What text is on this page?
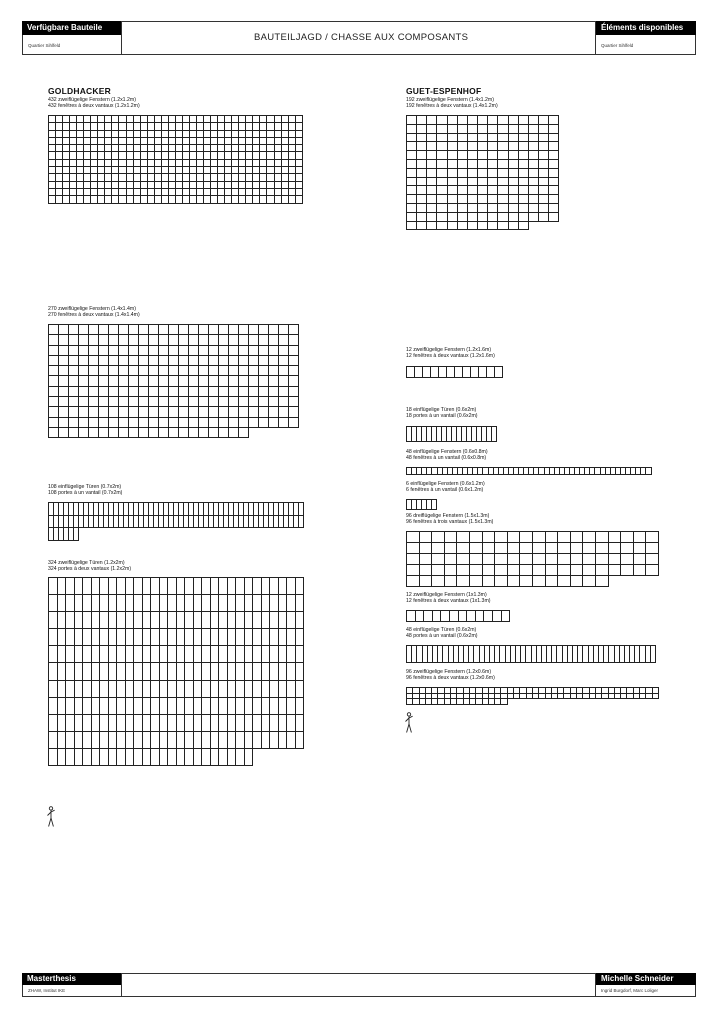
Verfügbare Bauteile
Quartier Sihlfeld
BAUTEILJAGD / CHASSE AUX COMPOSANTS
Éléments disponibles
Quartier Sihlfeld
GOLDHACKER	GUET-ESPENHOF
432 zweiflügelige Fenstern (1.2x1.2m)
432 fenêtres à deux vantaux (1.2x1.2m)
270 zweiflügelige Fenstern (1.4x1.4m)
270 fenêtres à deux vantaux (1.4x1.4m)
108 einflügelige Türen (0.7x2m)
108 portes à un vantail (0.7x2m)
324 zweiflügelige Türen (1.2x2m)
324 portes à deux vantaux (1.2x2m)
192 zweiflügelige Fenstern (1.4x1.2m)
192 fenêtres à deux vantaux (1.4x1.2m)
12 zweiflügelige Fenstern (1.2x1.6m)
12 fenêtres à deux vantaux (1.2x1.6m)
18 einflügelige Türen (0.6x2m)
18 portes à un vantail (0.6x2m)
48 einflügelige Fenstern (0.6x0.8m)
48 fenêtres à un vantail (0.6x0.8m)
6 einflügelige Fenstern (0.6x1.2m)
6 fenêtres à un vantail (0.6x1.2m)
96 dreiflügelige Fenstern (1.5x1.3m)
96 fenêtres à trois vantaux (1.5x1.3m)
12 zweiflügelige Fenstern (1x1.3m)
12 fenêtres à deux vantaux (1x1.3m)
48 einflügelige Türen (0.6x2m)
48 portes à un vantail (0.6x2m)
96 zweiflügelige Fenstern (1.2x0.6m)
96 fenêtres à deux vantaux (1.2x0.6m)
Masterthesis
ZHAW, Institut IKE
Michelle Schneider
Ingrid Burgdorf, Marc Loliger
